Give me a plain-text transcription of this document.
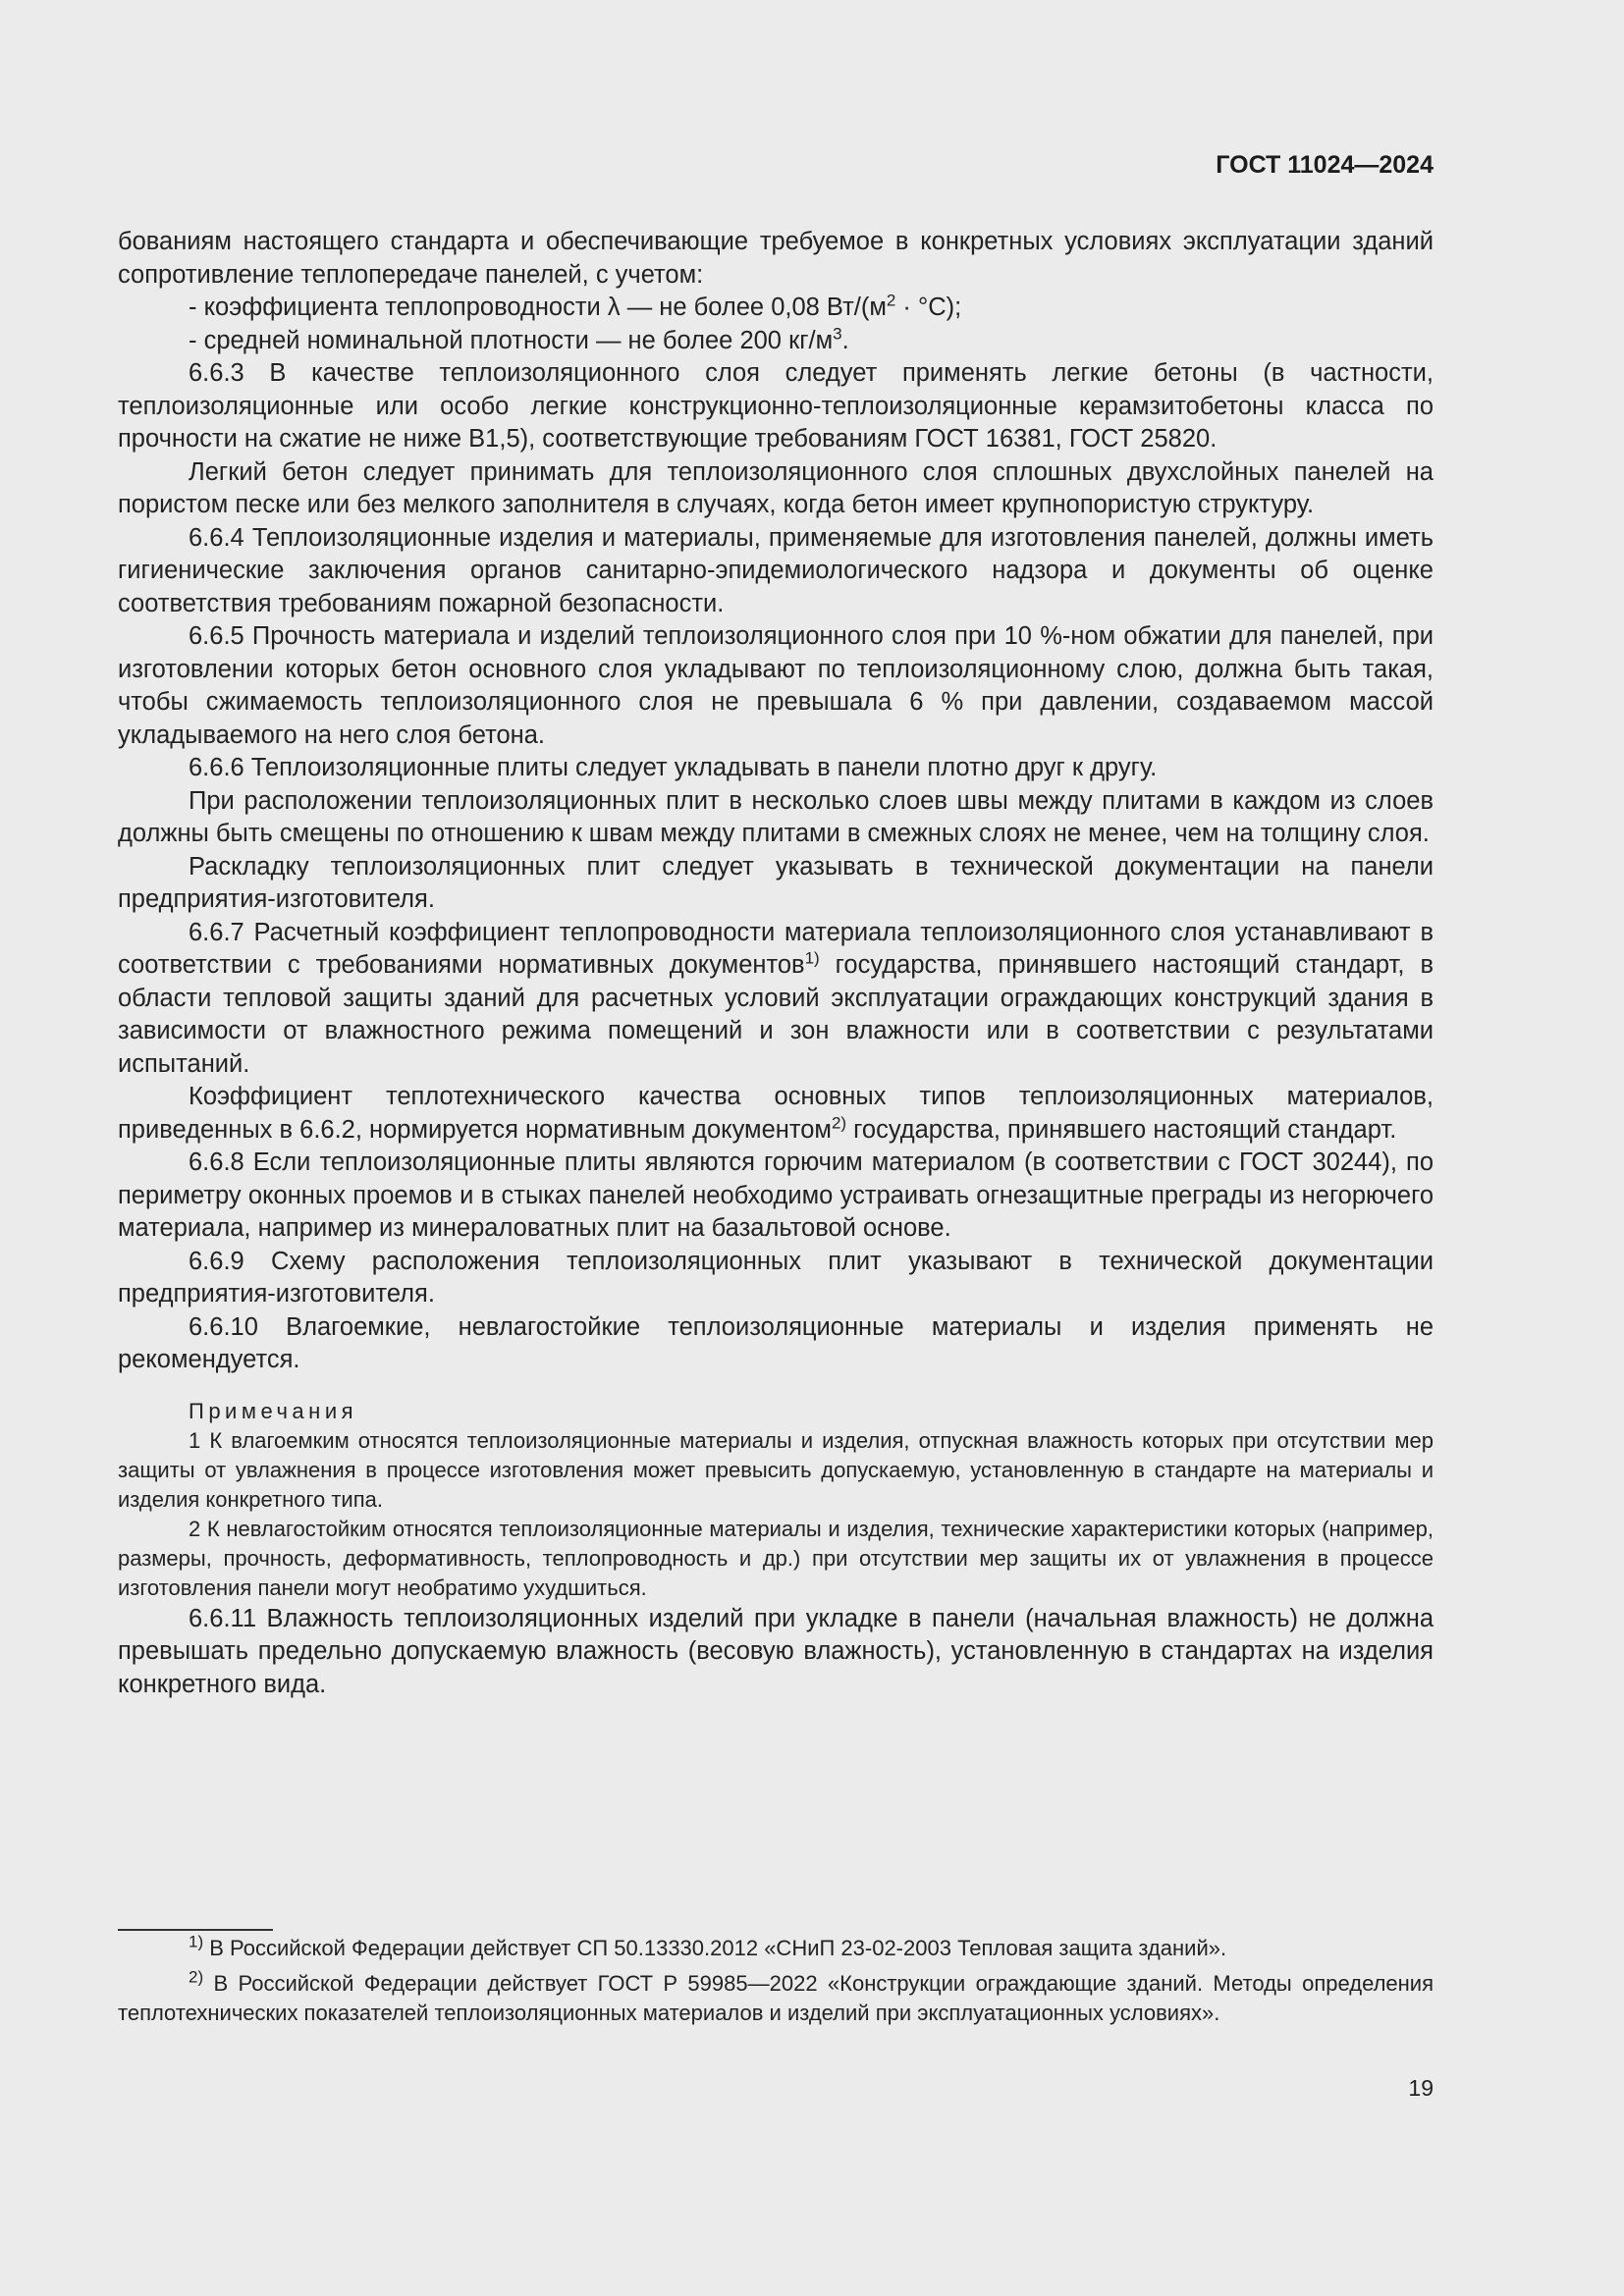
ГОСТ 11024—2024

бованиям настоящего стандарта и обеспечивающие требуемое в конкретных условиях эксплуатации зданий сопротивление теплопередаче панелей, с учетом:

- коэффициента теплопроводности λ — не более 0,08 $Вт/(м^2 \cdot ^\circ С)$;

- средней номинальной плотности — не более 200 $кг/м^3$.

6.6.3 В качестве теплоизоляционного слоя следует применять легкие бетоны (в частности, теплоизоляционные или особо легкие конструкционно-теплоизоляционные керамзитобетоны класса по прочности на сжатие не ниже В1,5), соответствующие требованиям ГОСТ 16381, ГОСТ 25820.

Легкий бетон следует принимать для теплоизоляционного слоя сплошных двухслойных панелей на пористом песке или без мелкого заполнителя в случаях, когда бетон имеет крупнопористую структуру.

6.6.4 Теплоизоляционные изделия и материалы, применяемые для изготовления панелей, должны иметь гигиенические заключения органов санитарно-эпидемиологического надзора и документы об оценке соответствия требованиям пожарной безопасности.

6.6.5 Прочность материала и изделий теплоизоляционного слоя при 10 %-ном обжатии для панелей, при изготовлении которых бетон основного слоя укладывают по теплоизоляционному слою, должна быть такая, чтобы сжимаемость теплоизоляционного слоя не превышала 6 % при давлении, создаваемом массой укладываемого на него слоя бетона.

6.6.6 Теплоизоляционные плиты следует укладывать в панели плотно друг к другу.

При расположении теплоизоляционных плит в несколько слоев швы между плитами в каждом из слоев должны быть смещены по отношению к швам между плитами в смежных слоях не менее, чем на толщину слоя.

Раскладку теплоизоляционных плит следует указывать в технической документации на панели предприятия-изготовителя.

6.6.7 Расчетный коэффициент теплопроводности материала теплоизоляционного слоя устанавливают в соответствии с требованиями нормативных документов$^{1)}$ государства, принявшего настоящий стандарт, в области тепловой защиты зданий для расчетных условий эксплуатации ограждающих конструкций здания в зависимости от влажностного режима помещений и зон влажности или в соответствии с результатами испытаний.

Коэффициент теплотехнического качества основных типов теплоизоляционных материалов, приведенных в 6.6.2, нормируется нормативным документом$^{2)}$ государства, принявшего настоящий стандарт.

6.6.8 Если теплоизоляционные плиты являются горючим материалом (в соответствии с ГОСТ 30244), по периметру оконных проемов и в стыках панелей необходимо устраивать огнезащитные преграды из негорючего материала, например из минераловатных плит на базальтовой основе.

6.6.9 Схему расположения теплоизоляционных плит указывают в технической документации предприятия-изготовителя.

6.6.10 Влагоемкие, невлагостойкие теплоизоляционные материалы и изделия применять не рекомендуется.

Примечания

1 К влагоемким относятся теплоизоляционные материалы и изделия, отпускная влажность которых при отсутствии мер защиты от увлажнения в процессе изготовления может превысить допускаемую, установленную в стандарте на материалы и изделия конкретного типа.

2 К невлагостойким относятся теплоизоляционные материалы и изделия, технические характеристики которых (например, размеры, прочность, деформативность, теплопроводность и др.) при отсутствии мер защиты их от увлажнения в процессе изготовления панели могут необратимо ухудшиться.

6.6.11 Влажность теплоизоляционных изделий при укладке в панели (начальная влажность) не должна превышать предельно допускаемую влажность (весовую влажность), установленную в стандартах на изделия конкретного вида.

$^{1)}$ В Российской Федерации действует СП 50.13330.2012 «СНиП 23-02-2003 Тепловая защита зданий».

$^{2)}$ В Российской Федерации действует ГОСТ Р 59985—2022 «Конструкции ограждающие зданий. Методы определения теплотехнических показателей теплоизоляционных материалов и изделий при эксплуатационных условиях».

19
